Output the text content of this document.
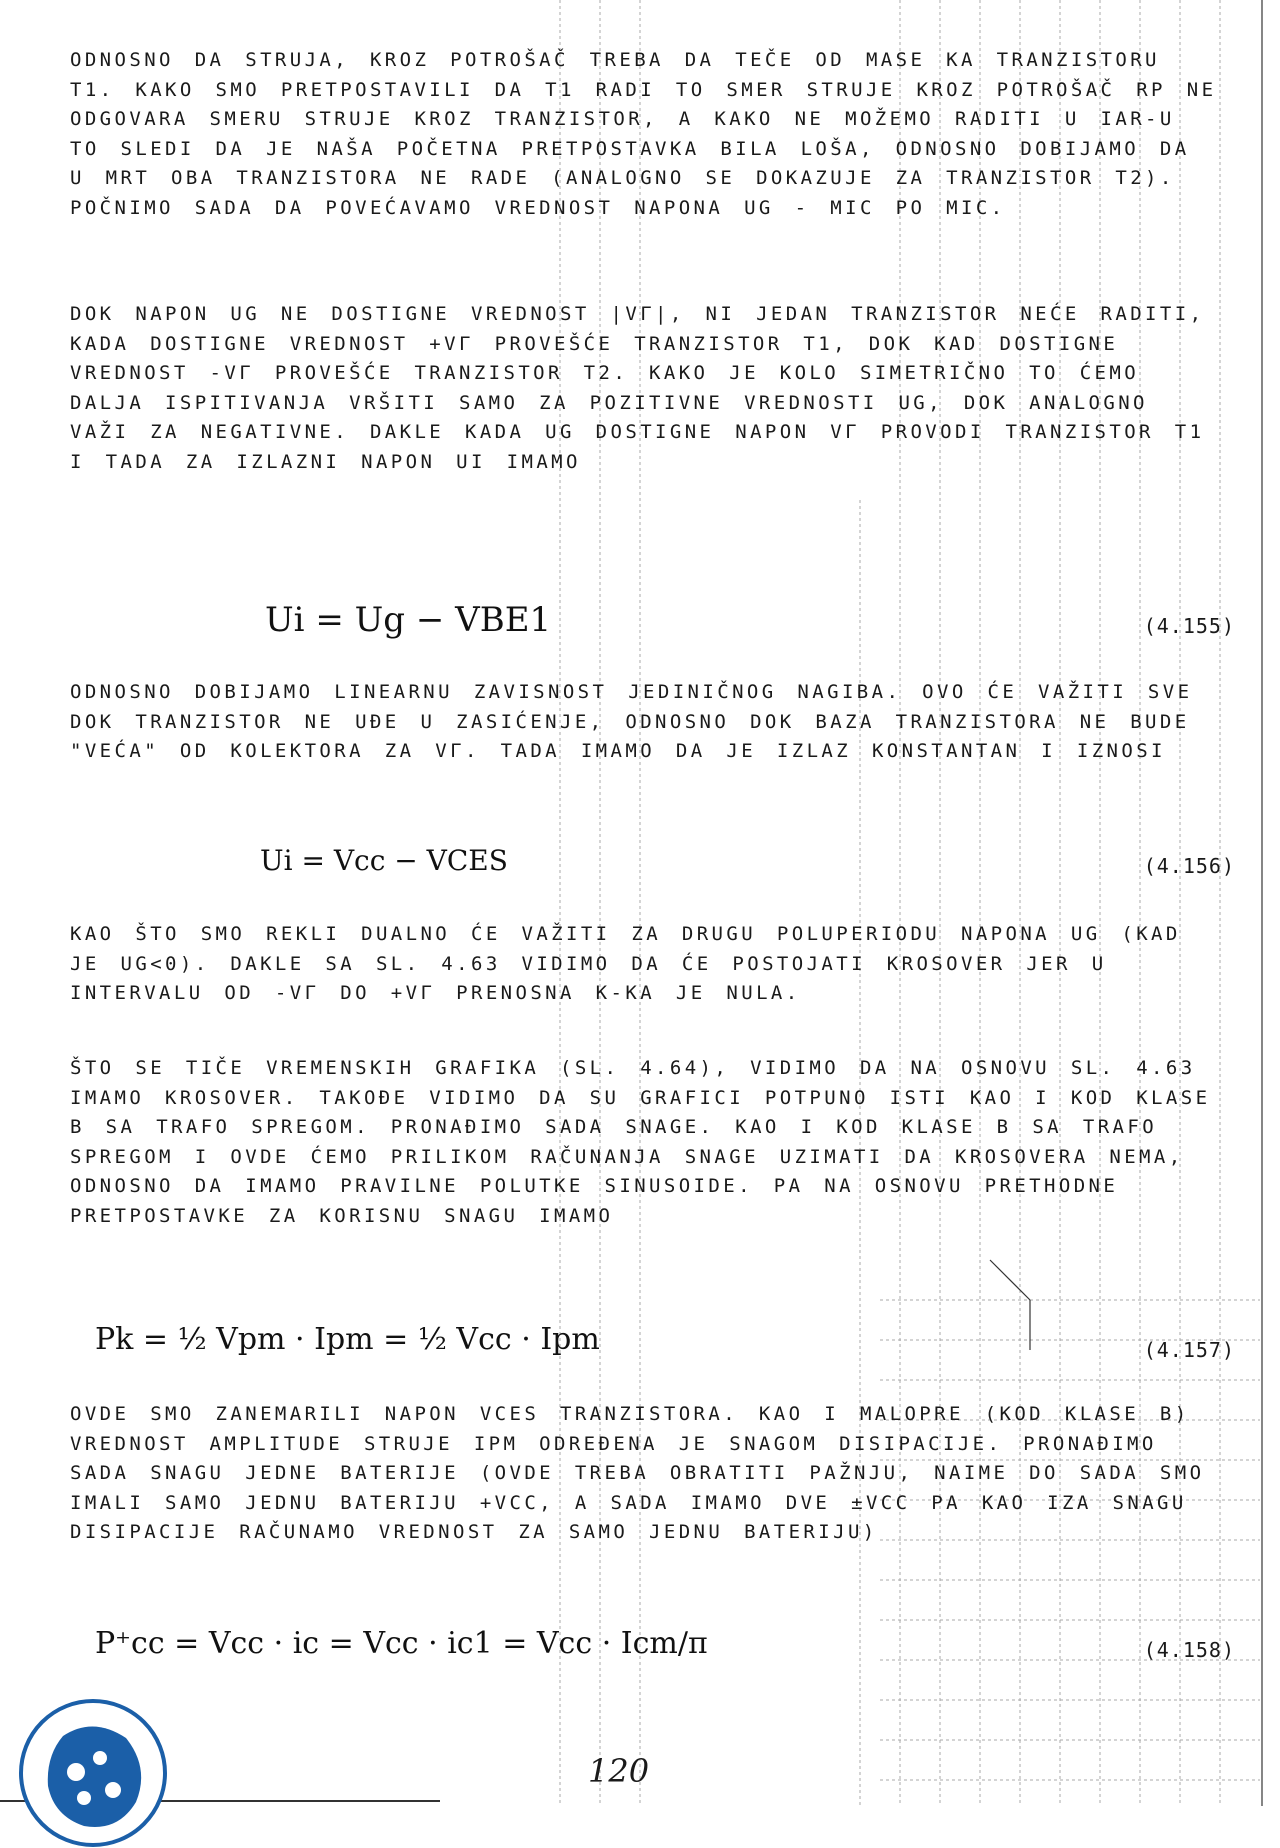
ODNOSNO DA STRUJA, KROZ POTROŠAČ TREBA DA TEČE OD MASE KA TRANZISTORU T1. KAKO SMO PRETPOSTAVILI DA T1 RADI TO SMER STRUJE KROZ POTROŠAČ RP NE ODGOVARA SMERU STRUJE KROZ TRANZISTOR, A KAKO NE MOŽEMO RADITI U IAR-U TO SLEDI DA JE NAŠA POČETNA PRETPOSTAVKA BILA LOŠA, ODNOSNO DOBIJAMO DA U MRT OBA TRANZISTORA NE RADE (ANALOGNO SE DOKAZUJE ZA TRANZISTOR T2). POČNIMO SADA DA POVEĆAVAMO VREDNOST NAPONA UG - MIC PO MIC.
DOK NAPON UG NE DOSTIGNE VREDNOST |VΓ|, NI JEDAN TRANZISTOR NEĆE RADITI, KADA DOSTIGNE VREDNOST +VΓ PROVEŠĆE TRANZISTOR T1, DOK KAD DOSTIGNE VREDNOST -VΓ PROVEŠĆE TRANZISTOR T2. KAKO JE KOLO SIMETRIČNO TO ĆEMO DALJA ISPITIVANJA VRŠITI SAMO ZA POZITIVNE VREDNOSTI UG, DOK ANALOGNO VAŽI ZA NEGATIVNE. DAKLE KADA UG DOSTIGNE NAPON VΓ PROVODI TRANZISTOR T1 I TADA ZA IZLAZNI NAPON UI IMAMO
Ui = Ug − VBE1	(4.155)
ODNOSNO DOBIJAMO LINEARNU ZAVISNOST JEDINIČNOG NAGIBA. OVO ĆE VAŽITI SVE DOK TRANZISTOR NE UĐE U ZASIĆENJE, ODNOSNO DOK BAZA TRANZISTORA NE BUDE "VEĆA" OD KOLEKTORA ZA VΓ. TADA IMAMO DA JE IZLAZ KONSTANTAN I IZNOSI
Ui = Vcc − VCES	(4.156)
KAO ŠTO SMO REKLI DUALNO ĆE VAŽITI ZA DRUGU POLUPERIODU NAPONA UG (KAD JE UG<0). DAKLE SA SL. 4.63 VIDIMO DA ĆE POSTOJATI KROSOVER JER U INTERVALU OD -VΓ DO +VΓ PRENOSNA K-KA JE NULA.
ŠTO SE TIČE VREMENSKIH GRAFIKA (SL. 4.64), VIDIMO DA NA OSNOVU SL. 4.63 IMAMO KROSOVER. TAKOĐE VIDIMO DA SU GRAFICI POTPUNO ISTI KAO I KOD KLASE B SA TRAFO SPREGOM. PRONAĐIMO SADA SNAGE. KAO I KOD KLASE B SA TRAFO SPREGOM I OVDE ĆEMO PRILIKOM RAČUNANJA SNAGE UZIMATI DA KROSOVERA NEMA, ODNOSNO DA IMAMO PRAVILNE POLUTKE SINUSOIDE. PA NA OSNOVU PRETHODNE PRETPOSTAVKE ZA KORISNU SNAGU IMAMO
Pk = ½ Vpm · Ipm = ½ Vcc · Ipm	(4.157)
OVDE SMO ZANEMARILI NAPON VCES TRANZISTORA. KAO I MALOPRE (KOD KLASE B) VREDNOST AMPLITUDE STRUJE IPM ODREĐENA JE SNAGOM DISIPACIJE. PRONAĐIMO SADA SNAGU JEDNE BATERIJE (OVDE TREBA OBRATITI PAŽNJU, NAIME DO SADA SMO IMALI SAMO JEDNU BATERIJU +VCC, A SADA IMAMO DVE ±VCC PA KAO IZA SNAGU DISIPACIJE RAČUNAMO VREDNOST ZA SAMO JEDNU BATERIJU)
P⁺cc = Vcc · ic = Vcc · ic1 = Vcc · Icm/π	(4.158)
120
